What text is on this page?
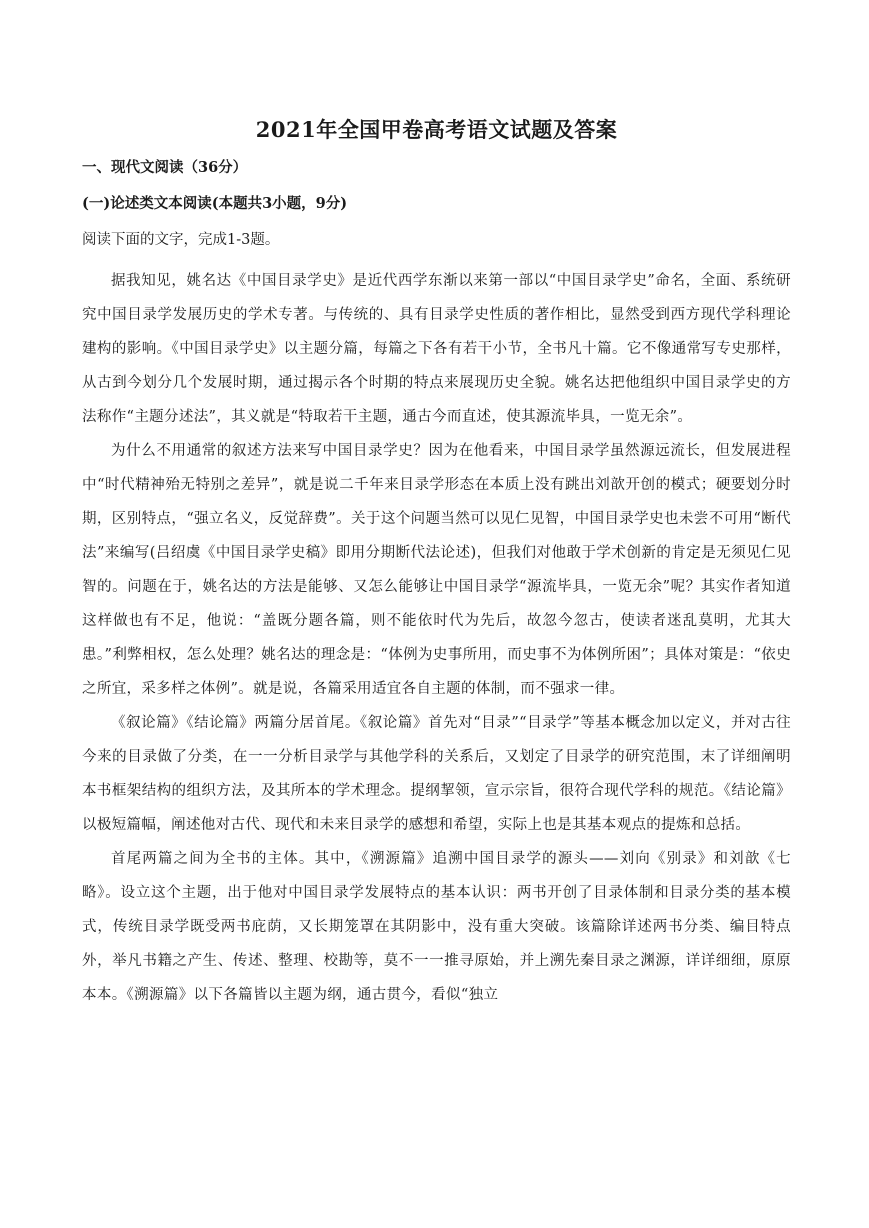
2021年全国甲卷高考语文试题及答案
一、现代文阅读（36分）
(一)论述类文本阅读(本题共3小题，9分)
阅读下面的文字，完成1-3题。

据我知见，姚名达《中国目录学史》是近代西学东渐以来第一部以“中国目录学史”命名，全面、系统研究中国目录学发展历史的学术专著。与传统的、具有目录学史性质的著作相比，显然受到西方现代学科理论建构的影响。《中国目录学史》以主题分篇，每篇之下各有若干小节，全书凡十篇。它不像通常写专史那样，从古到今划分几个发展时期，通过揭示各个时期的特点来展现历史全貌。姚名达把他组织中国目录学史的方法称作“主题分述法”，其义就是“特取若干主题，通古今而直述，使其源流毕具，一览无余”。

为什么不用通常的叙述方法来写中国目录学史？因为在他看来，中国目录学虽然源远流长，但发展进程中“时代精神殆无特别之差异”，就是说二千年来目录学形态在本质上没有跳出刘歆开创的模式；硬要划分时期，区别特点，“强立名义，反觉辞费”。关于这个问题当然可以见仁见智，中国目录学史也未尝不可用“断代法”来编写(吕绍虞《中国目录学史稿》即用分期断代法论述)，但我们对他敢于学术创新的肯定是无须见仁见智的。问题在于，姚名达的方法是能够、又怎么能够让中国目录学“源流毕具，一览无余”呢？其实作者知道这样做也有不足，他说：“盖既分题各篇，则不能依时代为先后，故忽今忽古，使读者迷乱莫明，尤其大患。”利弊相权，怎么处理？姚名达的理念是：“体例为史事所用，而史事不为体例所困”；具体对策是：“依史之所宜，采多样之体例”。就是说，各篇采用适宜各自主题的体制，而不强求一律。

《叙论篇》《结论篇》两篇分居首尾。《叙论篇》首先对“目录”“目录学”等基本概念加以定义，并对古往今来的目录做了分类，在一一分析目录学与其他学科的关系后，又划定了目录学的研究范围，末了详细阐明本书框架结构的组织方法，及其所本的学术理念。提纲挈领，宣示宗旨，很符合现代学科的规范。《结论篇》以极短篇幅，阐述他对古代、现代和未来目录学的感想和希望，实际上也是其基本观点的提炼和总括。

首尾两篇之间为全书的主体。其中，《溯源篇》追溯中国目录学的源头——刘向《别录》和刘歆《七略》。设立这个主题，出于他对中国目录学发展特点的基本认识：两书开创了目录体制和目录分类的基本模式，传统目录学既受两书庇荫，又长期笼罩在其阴影中，没有重大突破。该篇除详述两书分类、编目特点外，举凡书籍之产生、传述、整理、校勘等，莫不一一推寻原始，并上溯先秦目录之渊源，详详细细，原原本本。《溯源篇》以下各篇皆以主题为纲，通古贯今，看似“独立
